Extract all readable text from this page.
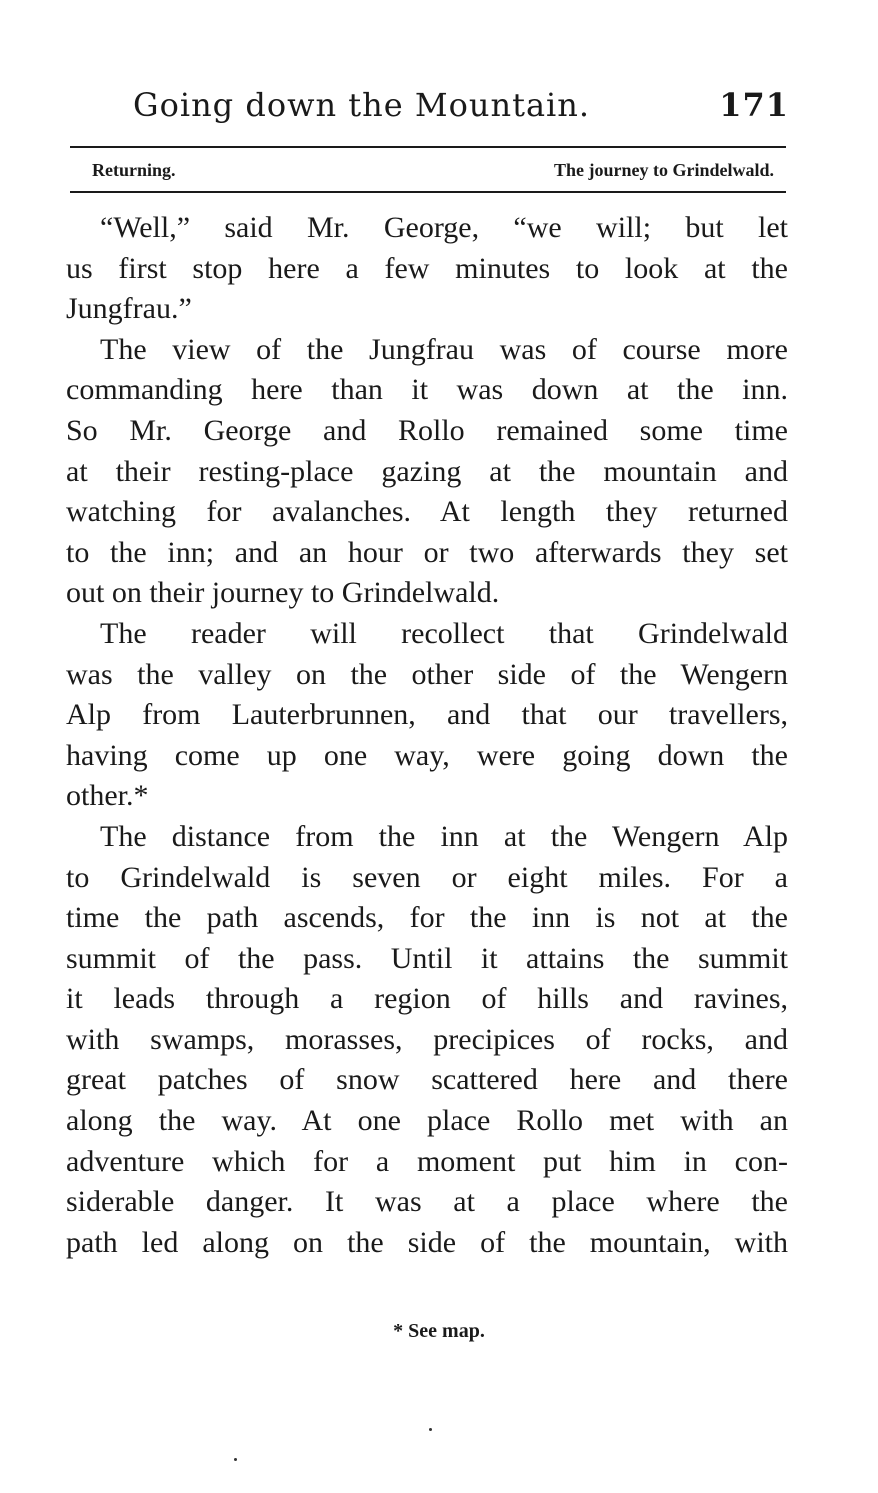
Going down the Mountain.	171
Returning.	The journey to Grindelwald.
“Well,” said Mr. George, “we will; but let
us first stop here a few minutes to look at the
Jungfrau.”
The view of the Jungfrau was of course more
commanding here than it was down at the inn.
So Mr. George and Rollo remained some time
at their resting-place gazing at the mountain and
watching for avalanches. At length they returned
to the inn; and an hour or two afterwards they set
out on their journey to Grindelwald.
The reader will recollect that Grindelwald
was the valley on the other side of the Wengern
Alp from Lauterbrunnen, and that our travellers,
having come up one way, were going down the
other.*
The distance from the inn at the Wengern Alp
to Grindelwald is seven or eight miles. For a
time the path ascends, for the inn is not at the
summit of the pass. Until it attains the summit
it leads through a region of hills and ravines,
with swamps, morasses, precipices of rocks, and
great patches of snow scattered here and there
along the way. At one place Rollo met with an
adventure which for a moment put him in con-
siderable danger. It was at a place where the
path led along on the side of the mountain, with
* See map.
